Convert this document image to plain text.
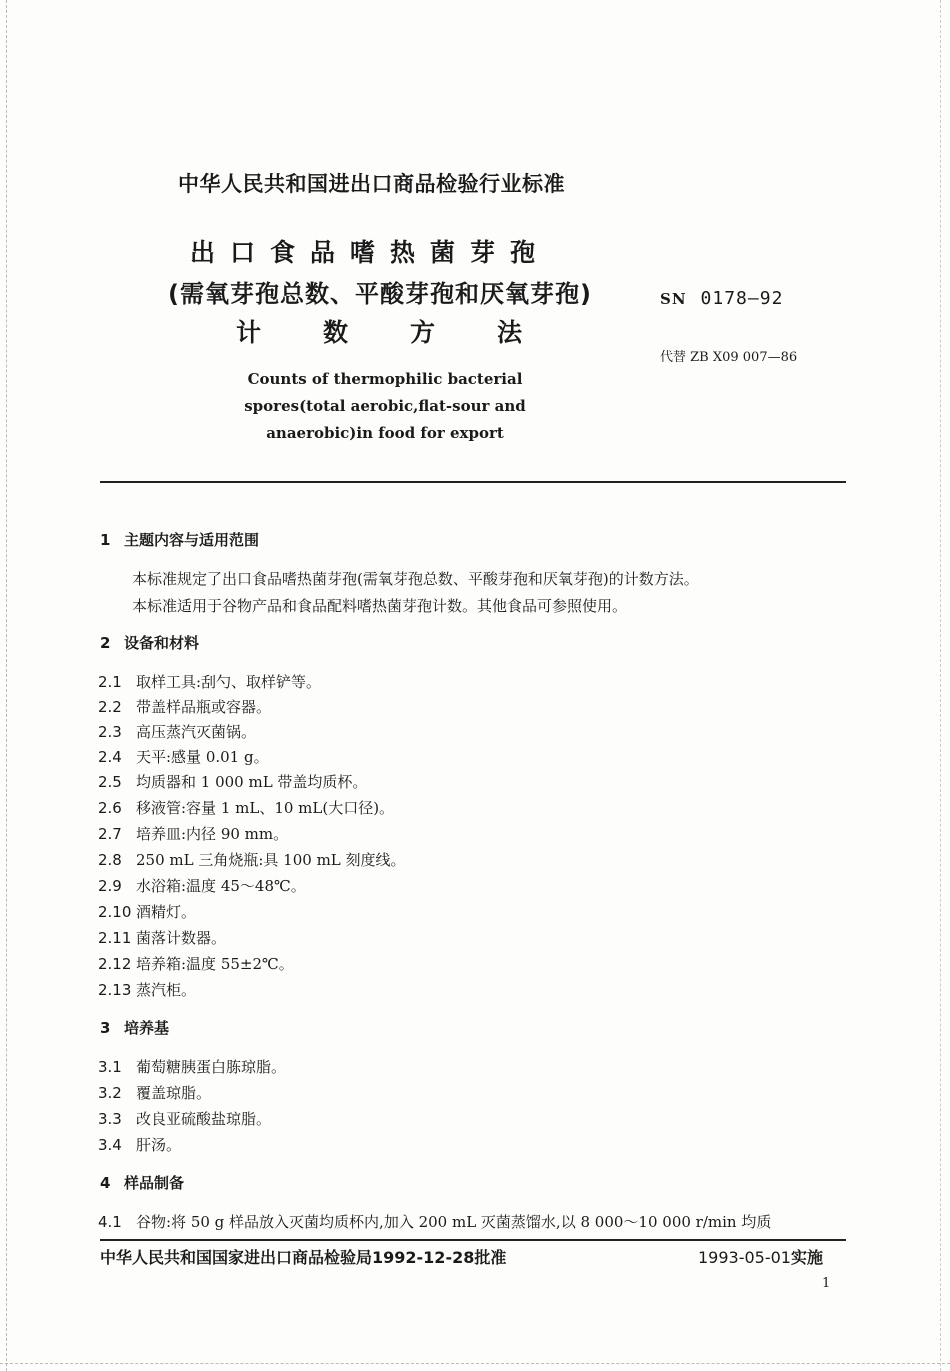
中华人民共和国进出口商品检验行业标准
出口食品嗜热菌芽孢
(需氧芽孢总数、平酸芽孢和厌氧芽孢)
计数方法
SN 0178—92
代替 ZB X09 007—86
Counts of thermophilic bacterial spores(total aerobic,flat-sour and anaerobic)in food for export
1 主题内容与适用范围
本标准规定了出口食品嗜热菌芽孢(需氧芽孢总数、平酸芽孢和厌氧芽孢)的计数方法。
本标准适用于谷物产品和食品配料嗜热菌芽孢计数。其他食品可参照使用。
2 设备和材料
2.1 取样工具:刮勺、取样铲等。
2.2 带盖样品瓶或容器。
2.3 高压蒸汽灭菌锅。
2.4 天平:感量 0.01 g。
2.5 均质器和 1 000 mL 带盖均质杯。
2.6 移液管:容量 1 mL、10 mL(大口径)。
2.7 培养皿:内径 90 mm。
2.8 250 mL 三角烧瓶:具 100 mL 刻度线。
2.9 水浴箱:温度 45～48℃。
2.10 酒精灯。
2.11 菌落计数器。
2.12 培养箱:温度 55±2℃。
2.13 蒸汽柜。
3 培养基
3.1 葡萄糖胰蛋白胨琼脂。
3.2 覆盖琼脂。
3.3 改良亚硫酸盐琼脂。
3.4 肝汤。
4 样品制备
4.1 谷物:将 50 g 样品放入灭菌均质杯内,加入 200 mL 灭菌蒸馏水,以 8 000～10 000 r/min 均质
中华人民共和国国家进出口商品检验局1992-12-28批准	1993-05-01实施
1
